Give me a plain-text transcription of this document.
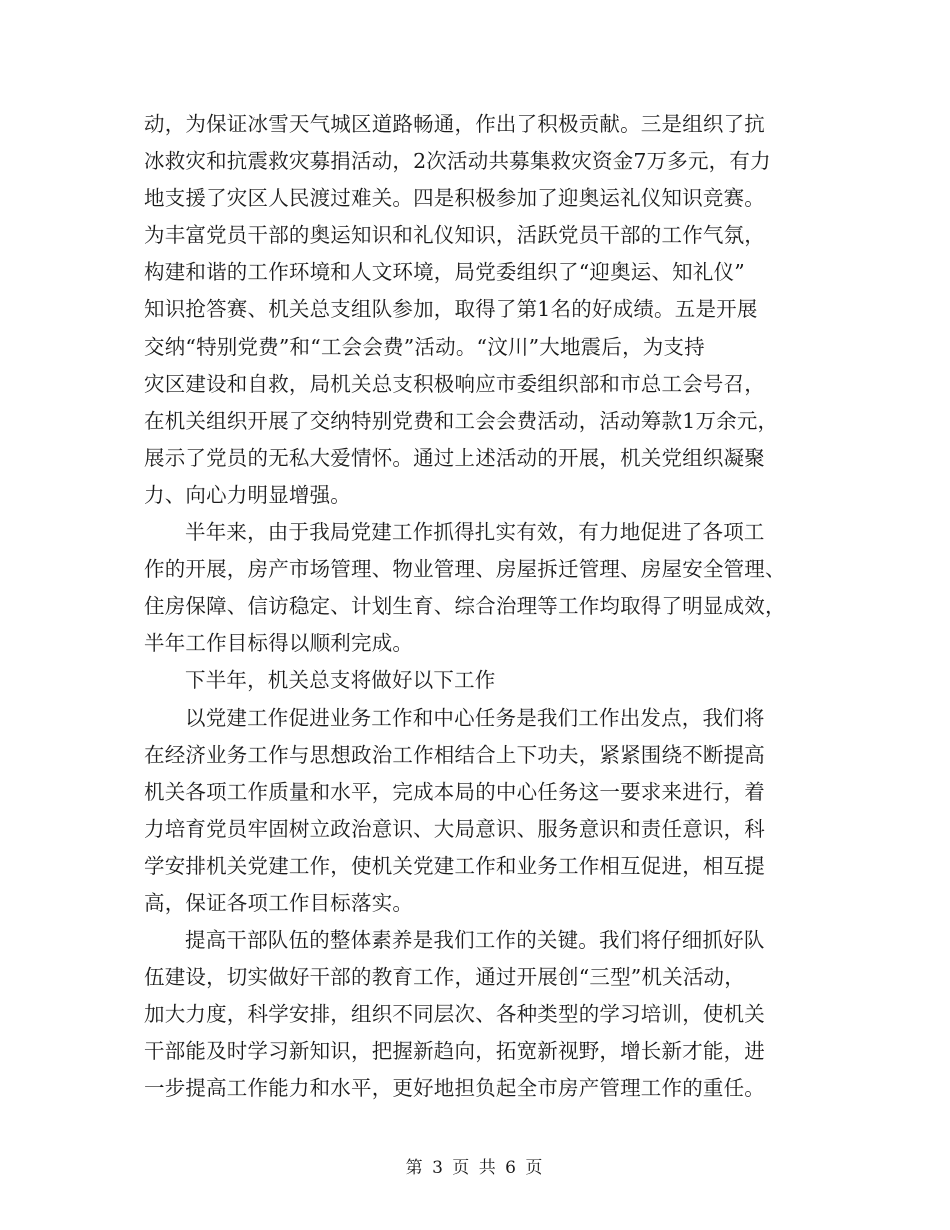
动，为保证冰雪天气城区道路畅通，作出了积极贡献。三是组织了抗
冰救灾和抗震救灾募捐活动，2次活动共募集救灾资金7万多元，有力
地支援了灾区人民渡过难关。四是积极参加了迎奥运礼仪知识竞赛。
为丰富党员干部的奥运知识和礼仪知识，活跃党员干部的工作气氛，
构建和谐的工作环境和人文环境，局党委组织了“迎奥运、知礼仪”
知识抢答赛、机关总支组队参加，取得了第1名的好成绩。五是开展
交纳“特别党费”和“工会会费”活动。“汶川”大地震后，为支持
灾区建设和自救，局机关总支积极响应市委组织部和市总工会号召，
在机关组织开展了交纳特别党费和工会会费活动，活动筹款1万余元，
展示了党员的无私大爱情怀。通过上述活动的开展，机关党组织凝聚
力、向心力明显增强。
半年来，由于我局党建工作抓得扎实有效，有力地促进了各项工
作的开展，房产市场管理、物业管理、房屋拆迁管理、房屋安全管理、
住房保障、信访稳定、计划生育、综合治理等工作均取得了明显成效，
半年工作目标得以顺利完成。
下半年，机关总支将做好以下工作
以党建工作促进业务工作和中心任务是我们工作出发点，我们将
在经济业务工作与思想政治工作相结合上下功夫，紧紧围绕不断提高
机关各项工作质量和水平，完成本局的中心任务这一要求来进行，着
力培育党员牢固树立政治意识、大局意识、服务意识和责任意识，科
学安排机关党建工作，使机关党建工作和业务工作相互促进，相互提
高，保证各项工作目标落实。
提高干部队伍的整体素养是我们工作的关键。我们将仔细抓好队
伍建设，切实做好干部的教育工作，通过开展创“三型”机关活动，
加大力度，科学安排，组织不同层次、各种类型的学习培训，使机关
干部能及时学习新知识，把握新趋向，拓宽新视野，增长新才能，进
一步提高工作能力和水平，更好地担负起全市房产管理工作的重任。
第 3 页 共 6 页
